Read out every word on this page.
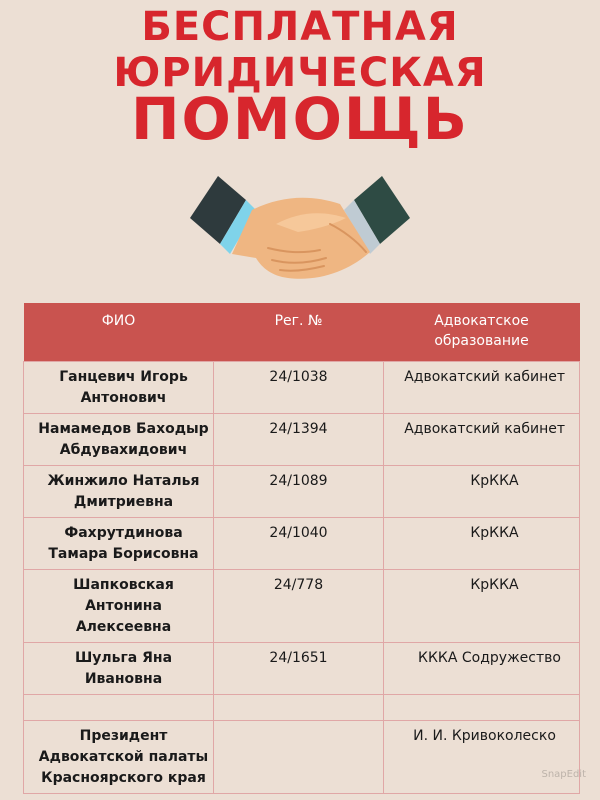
БЕСПЛАТНАЯ
ЮРИДИЧЕСКАЯ
ПОМОЩЬ
ФИО	Рег. №	Адвокатское образование
Ганцевич Игорь Антонович	24/1038	Адвокатский кабинет
Намамедов Баходыр Абдувахидович	24/1394	Адвокатский кабинет
Жинжило Наталья Дмитриевна	24/1089	КрККА
Фахрутдинова Тамара Борисовна	24/1040	КрККА
Шапковская Антонина Алексеевна	24/778	КрККА
Шульга Яна Ивановна	24/1651	КККА Содружество

Президент Адвокатской палаты Красноярского края		И. И. Кривоколеско
SnapEdit
